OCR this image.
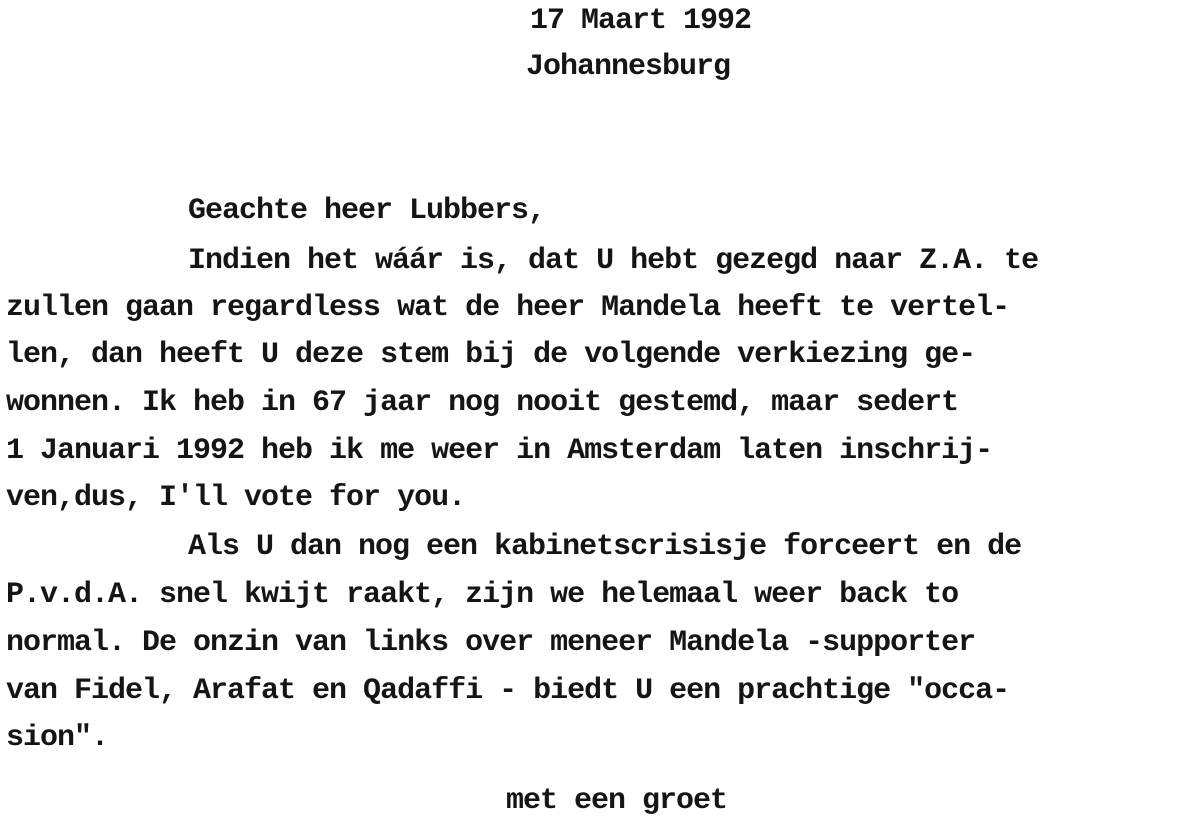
17 Maart 1992

Johannesburg

Geachte heer Lubbers,

Indien het wáár is, dat U hebt gezegd naar Z.A. te

zullen gaan regardless wat de heer Mandela heeft te vertel-

len, dan heeft U deze stem bij de volgende verkiezing ge-

wonnen. Ik heb in 67 jaar nog nooit gestemd, maar sedert

1 Januari 1992 heb ik me weer in Amsterdam laten inschrij-

ven,dus, I'll vote for you.

Als U dan nog een kabinetscrisisje forceert en de

P.v.d.A. snel kwijt raakt, zijn we helemaal weer back to

normal. De onzin van links over meneer Mandela -supporter

van Fidel, Arafat en Qadaffi - biedt U een prachtige "occa-

sion".

met een groet
